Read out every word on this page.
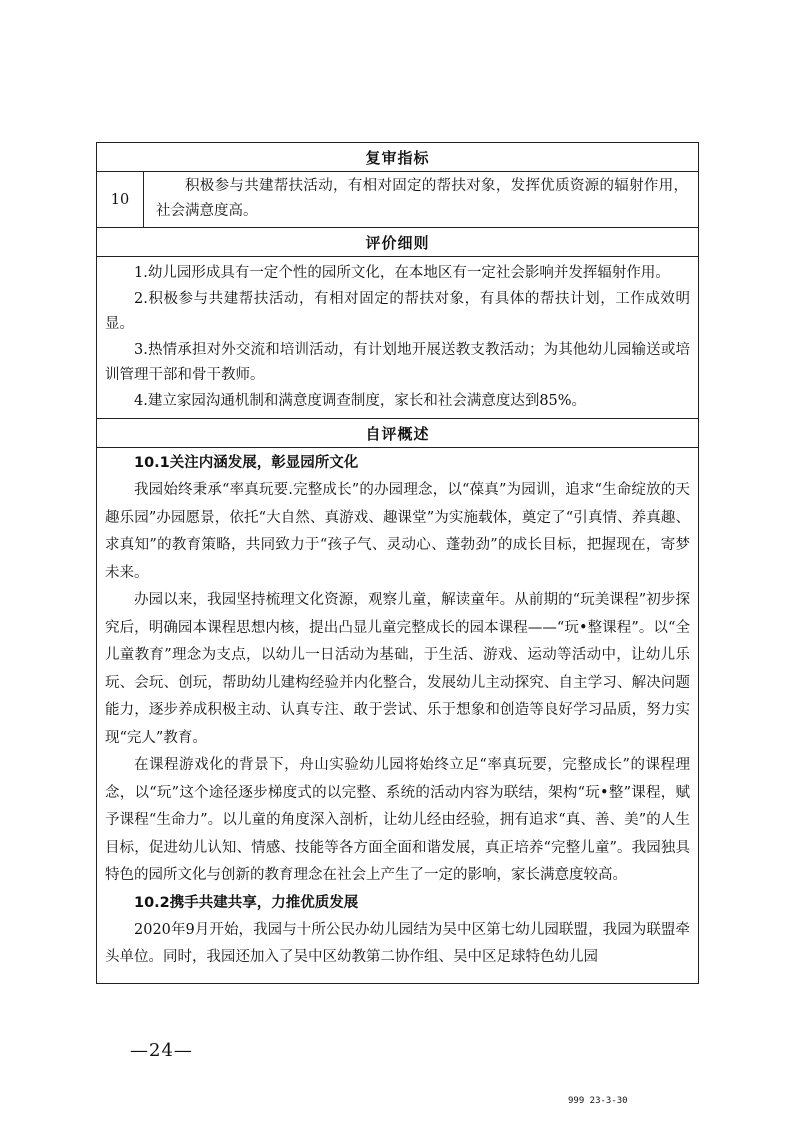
复审指标
10
积极参与共建帮扶活动，有相对固定的帮扶对象，发挥优质资源的辐射作用，社会满意度高。
评价细则

1.幼儿园形成具有一定个性的园所文化，在本地区有一定社会影响并发挥辐射作用。

2.积极参与共建帮扶活动，有相对固定的帮扶对象，有具体的帮扶计划，工作成效明显。

3.热情承担对外交流和培训活动，有计划地开展送教支教活动；为其他幼儿园输送或培训管理干部和骨干教师。

4.建立家园沟通机制和满意度调查制度，家长和社会满意度达到85%。

自评概述

10.1关注内涵发展，彰显园所文化

我园始终秉承“率真玩要.完整成长”的办园理念，以“葆真”为园训，追求“生命绽放的天趣乐园”办园愿景，依托“大自然、真游戏、趣课堂”为实施载体，奠定了“引真情、养真趣、求真知”的教育策略，共同致力于“孩子气、灵动心、蓬勃劲”的成长目标，把握现在，寄梦未来。

办园以来，我园坚持梳理文化资源，观察儿童，解读童年。从前期的“玩美课程”初步探究后，明确园本课程思想内核，提出凸显儿童完整成长的园本课程——“玩•整课程”。以“全儿童教育”理念为支点，以幼儿一日活动为基础，于生活、游戏、运动等活动中，让幼儿乐玩、会玩、创玩，帮助幼儿建构经验并内化整合，发展幼儿主动探究、自主学习、解决问题能力，逐步养成积极主动、认真专注、敢于尝试、乐于想象和创造等良好学习品质，努力实现“完人”教育。

在课程游戏化的背景下，舟山实验幼儿园将始终立足“率真玩要，完整成长”的课程理念，以“玩”这个途径逐步梯度式的以完整、系统的活动内容为联结，架构“玩•整”课程，赋予课程“生命力”。以儿童的角度深入剖析，让幼儿经由经验，拥有追求“真、善、美”的人生目标，促进幼儿认知、情感、技能等各方面全面和谐发展，真正培养“完整儿童”。我园独具特色的园所文化与创新的教育理念在社会上产生了一定的影响，家长满意度较高。

10.2携手共建共享，力推优质发展

2020年9月开始，我园与十所公民办幼儿园结为吴中区第七幼儿园联盟，我园为联盟牵头单位。同时，我园还加入了吴中区幼教第二协作组、吴中区足球特色幼儿园

—24—
999 23-3-30
